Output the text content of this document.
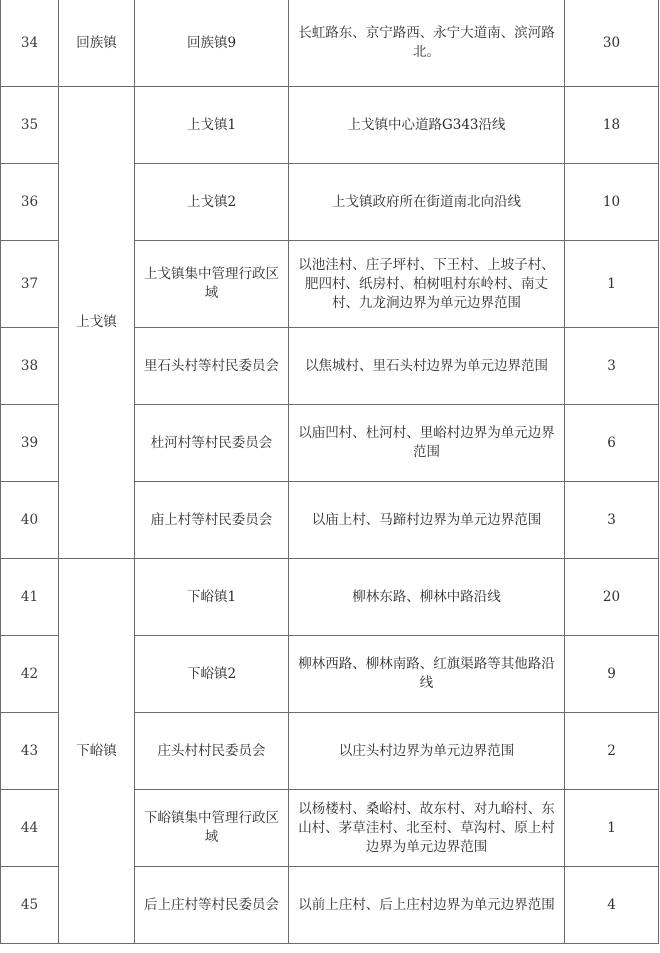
34	回族镇	回族镇9	长虹路东、京宁路西、永宁大道南、滨河路北。	30
35	上戈镇	上戈镇1	上戈镇中心道路G343沿线	18
36		上戈镇2	上戈镇政府所在街道南北向沿线	10
37		上戈镇集中管理行政区域	以池洼村、庄子坪村、下王村、上坡子村、肥四村、纸房村、柏树咀村东岭村、南丈村、九龙涧边界为单元边界范围	1
38		里石头村等村民委员会	以焦城村、里石头村边界为单元边界范围	3
39		杜河村等村民委员会	以庙凹村、杜河村、里峪村边界为单元边界范围	6
40		庙上村等村民委员会	以庙上村、马蹄村边界为单元边界范围	3
41	下峪镇	下峪镇1	柳林东路、柳林中路沿线	20
42		下峪镇2	柳林西路、柳林南路、红旗渠路等其他路沿线	9
43		庄头村村民委员会	以庄头村边界为单元边界范围	2
44		下峪镇集中管理行政区域	以杨楼村、桑峪村、故东村、对九峪村、东山村、茅草洼村、北至村、草沟村、原上村边界为单元边界范围	1
45		后上庄村等村民委员会	以前上庄村、后上庄村边界为单元边界范围	4
